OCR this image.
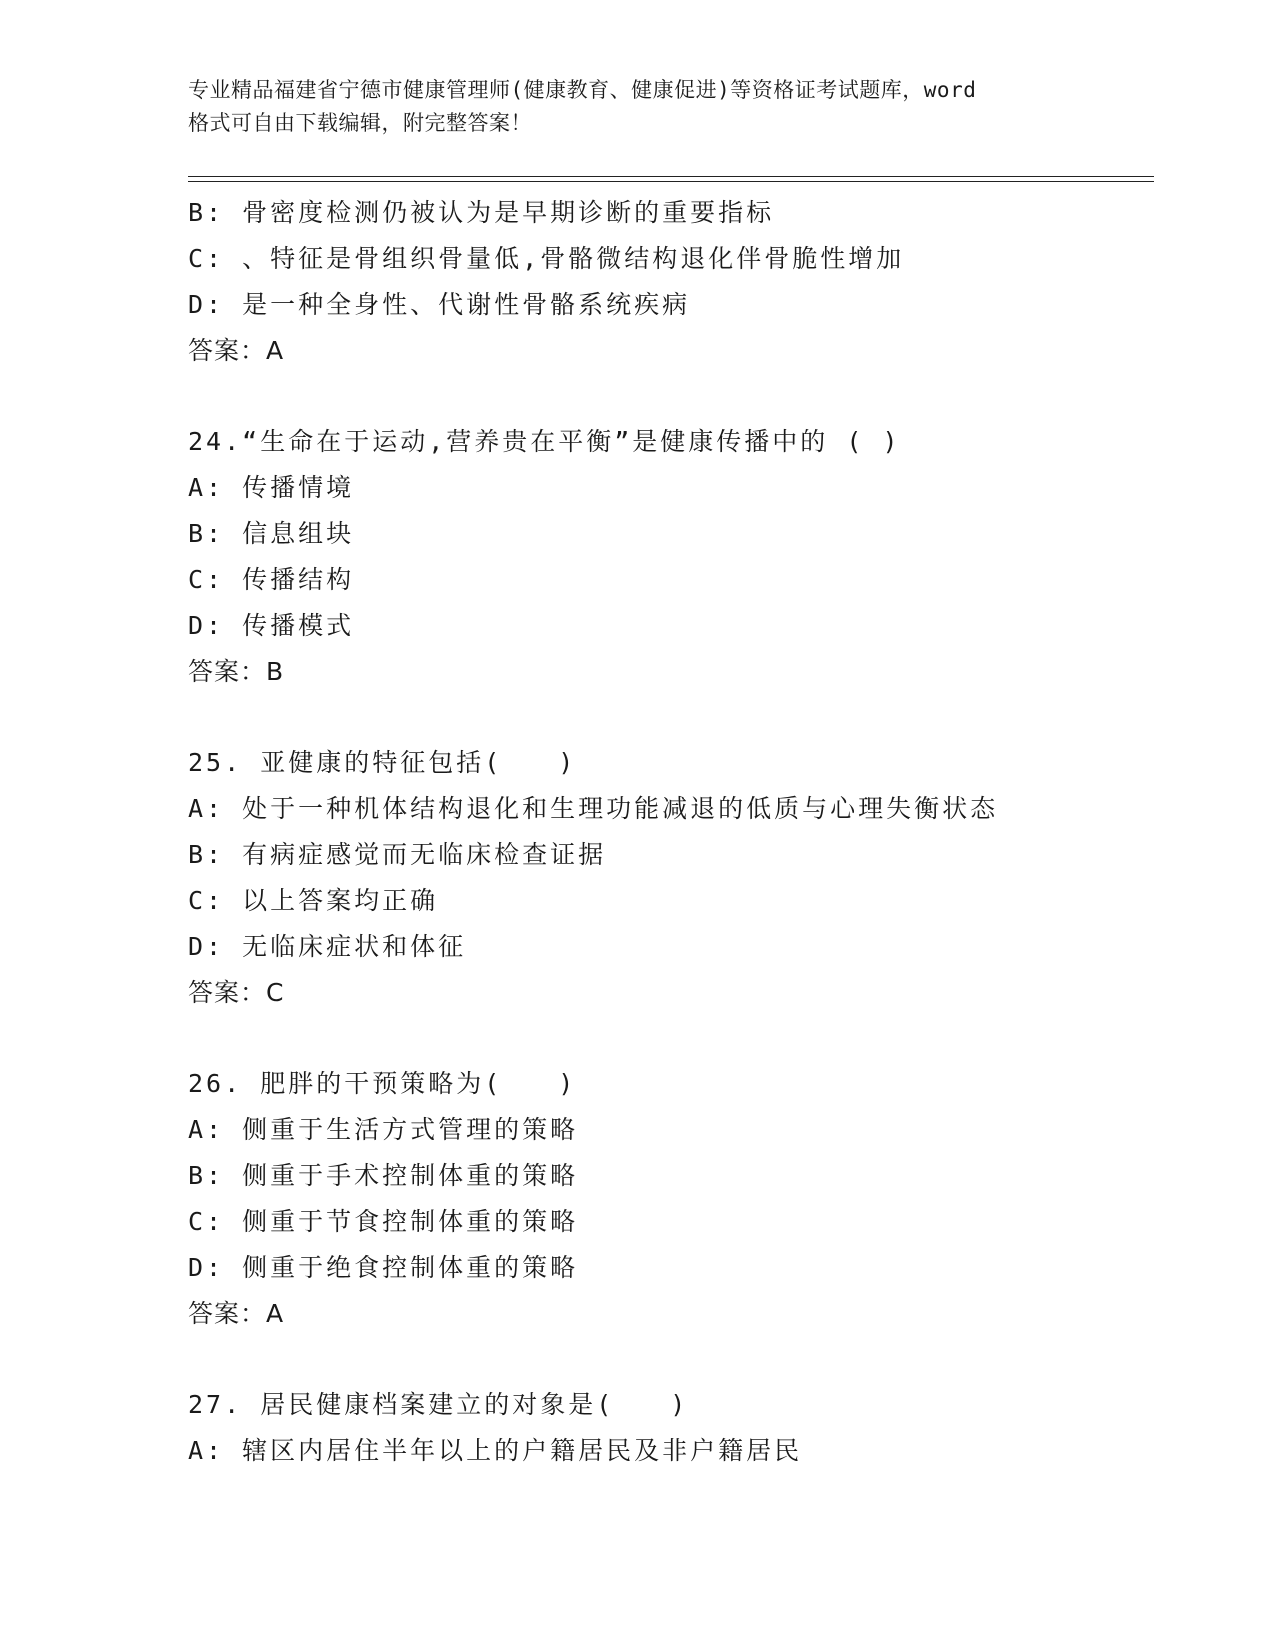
专业精品福建省宁德市健康管理师(健康教育、健康促进)等资格证考试题库，word
格式可自由下载编辑，附完整答案！
B: 骨密度检测仍被认为是早期诊断的重要指标
C: 、特征是骨组织骨量低,骨骼微结构退化伴骨脆性增加
D: 是一种全身性、代谢性骨骼系统疾病
答案：A
24.“生命在于运动,营养贵在平衡”是健康传播中的 ( )
A: 传播情境
B: 信息组块
C: 传播结构
D: 传播模式
答案：B
25. 亚健康的特征包括(　　)
A: 处于一种机体结构退化和生理功能减退的低质与心理失衡状态
B: 有病症感觉而无临床检查证据
C: 以上答案均正确
D: 无临床症状和体征
答案：C
26. 肥胖的干预策略为(　　)
A: 侧重于生活方式管理的策略
B: 侧重于手术控制体重的策略
C: 侧重于节食控制体重的策略
D: 侧重于绝食控制体重的策略
答案：A
27. 居民健康档案建立的对象是(　　)
A: 辖区内居住半年以上的户籍居民及非户籍居民
